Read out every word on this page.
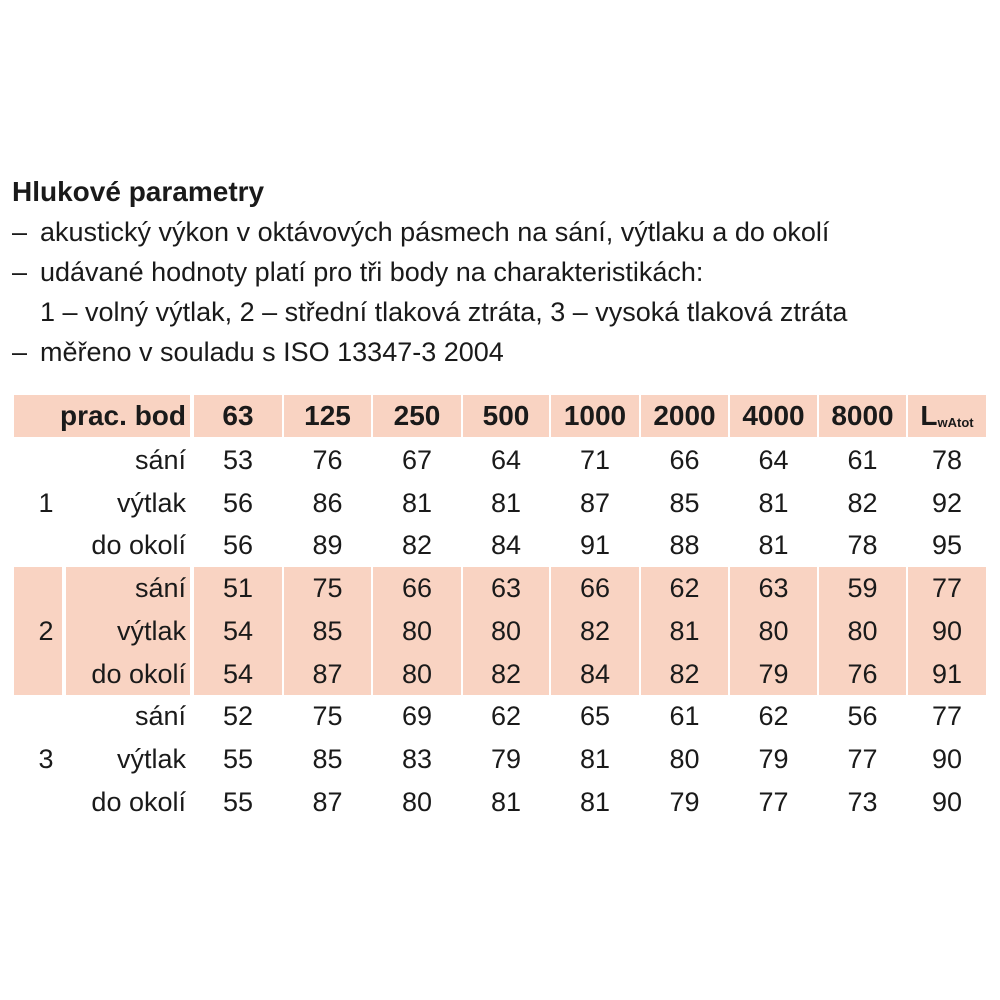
Hlukové parametry
– akustický výkon v oktávových pásmech na sání, výtlaku a do okolí
– udávané hodnoty platí pro tři body na charakteristikách:
1 – volný výtlak, 2 – střední tlaková ztráta, 3 – vysoká tlaková ztráta
– měřeno v souladu s ISO 13347-3 2004
prac. bod	63	125	250	500	1000 2000 4000 8000 LwAtot
1
sání	53	76	67	64	71	66	64	61	78
výtlak	56	86	81	81	87	85	81	82	92
do okolí	56	89	82	84	91	88	81	78	95
2
sání	51	75	66	63	66	62	63	59	77
výtlak	54	85	80	80	82	81	80	80	90
do okolí	54	87	80	82	84	82	79	76	91
3
sání	52	75	69	62	65	61	62	56	77
výtlak	55	85	83	79	81	80	79	77	90
do okolí	55	87	80	81	81	79	77	73	90
